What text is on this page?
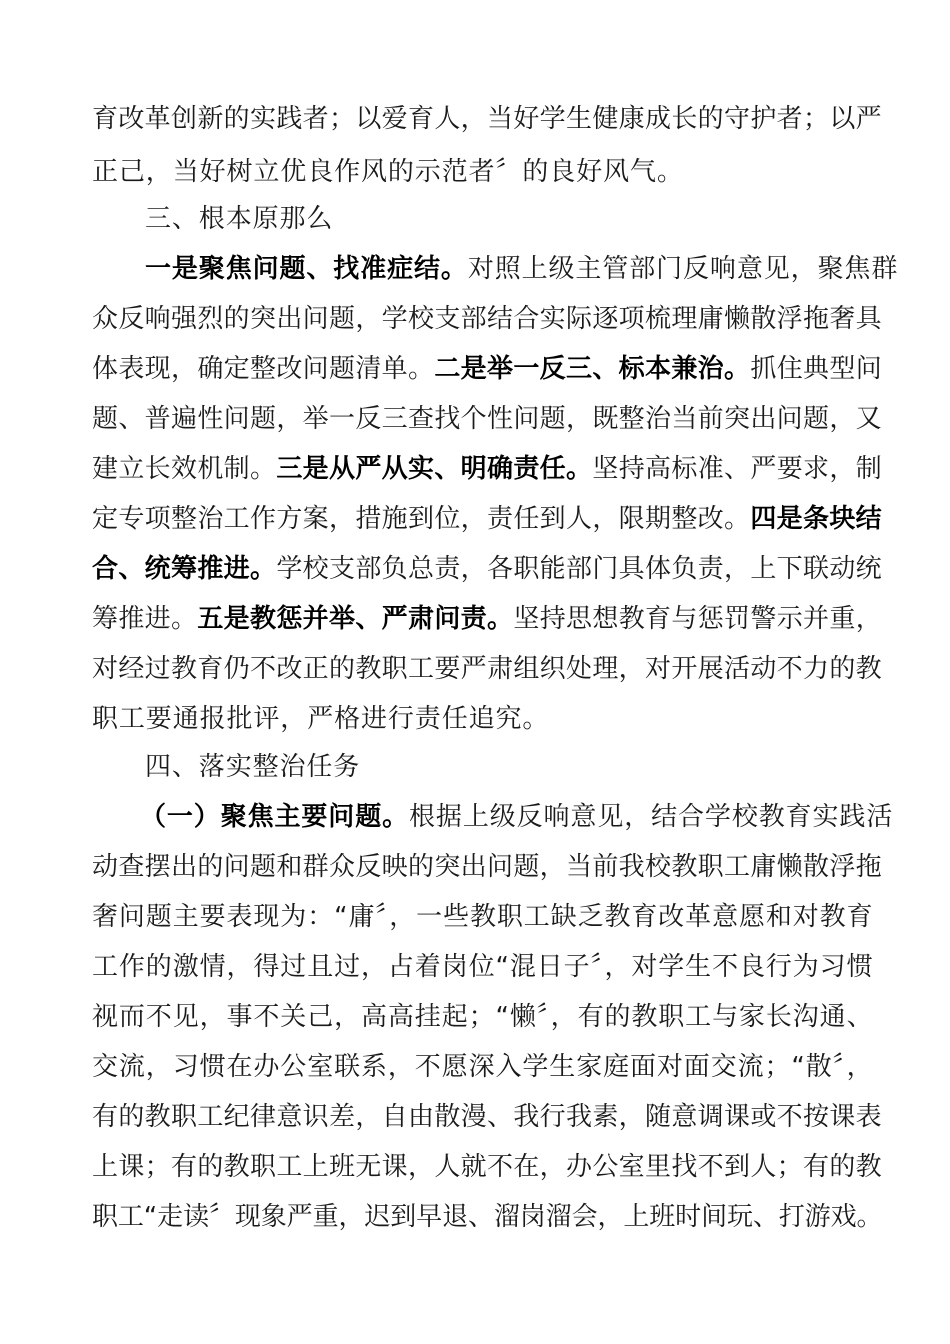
育改革创新的实践者；以爱育人，当好学生健康成长的守护者；以严
正己，当好树立优良作风的示范者〞的良好风气。
三、根本原那么
一是聚焦问题、找准症结。对照上级主管部门反响意见，聚焦群
众反响强烈的突出问题，学校支部结合实际逐项梳理庸懒散浮拖奢具
体表现，确定整改问题清单。二是举一反三、标本兼治。抓住典型问
题、普遍性问题，举一反三查找个性问题，既整治当前突出问题，又
建立长效机制。三是从严从实、明确责任。坚持高标准、严要求，制
定专项整治工作方案，措施到位，责任到人，限期整改。四是条块结
合、统筹推进。学校支部负总责，各职能部门具体负责，上下联动统
筹推进。五是教惩并举、严肃问责。坚持思想教育与惩罚警示并重，
对经过教育仍不改正的教职工要严肃组织处理，对开展活动不力的教
职工要通报批评，严格进行责任追究。
四、落实整治任务
（一）聚焦主要问题。根据上级反响意见，结合学校教育实践活
动查摆出的问题和群众反映的突出问题，当前我校教职工庸懒散浮拖
奢问题主要表现为：“庸〞，一些教职工缺乏教育改革意愿和对教育
工作的激情，得过且过，占着岗位“混日子〞，对学生不良行为习惯
视而不见，事不关己，高高挂起；“懒〞，有的教职工与家长沟通、
交流，习惯在办公室联系，不愿深入学生家庭面对面交流；“散〞，
有的教职工纪律意识差，自由散漫、我行我素，随意调课或不按课表
上课；有的教职工上班无课，人就不在，办公室里找不到人；有的教
职工“走读〞现象严重，迟到早退、溜岗溜会，上班时间玩、打游戏。
